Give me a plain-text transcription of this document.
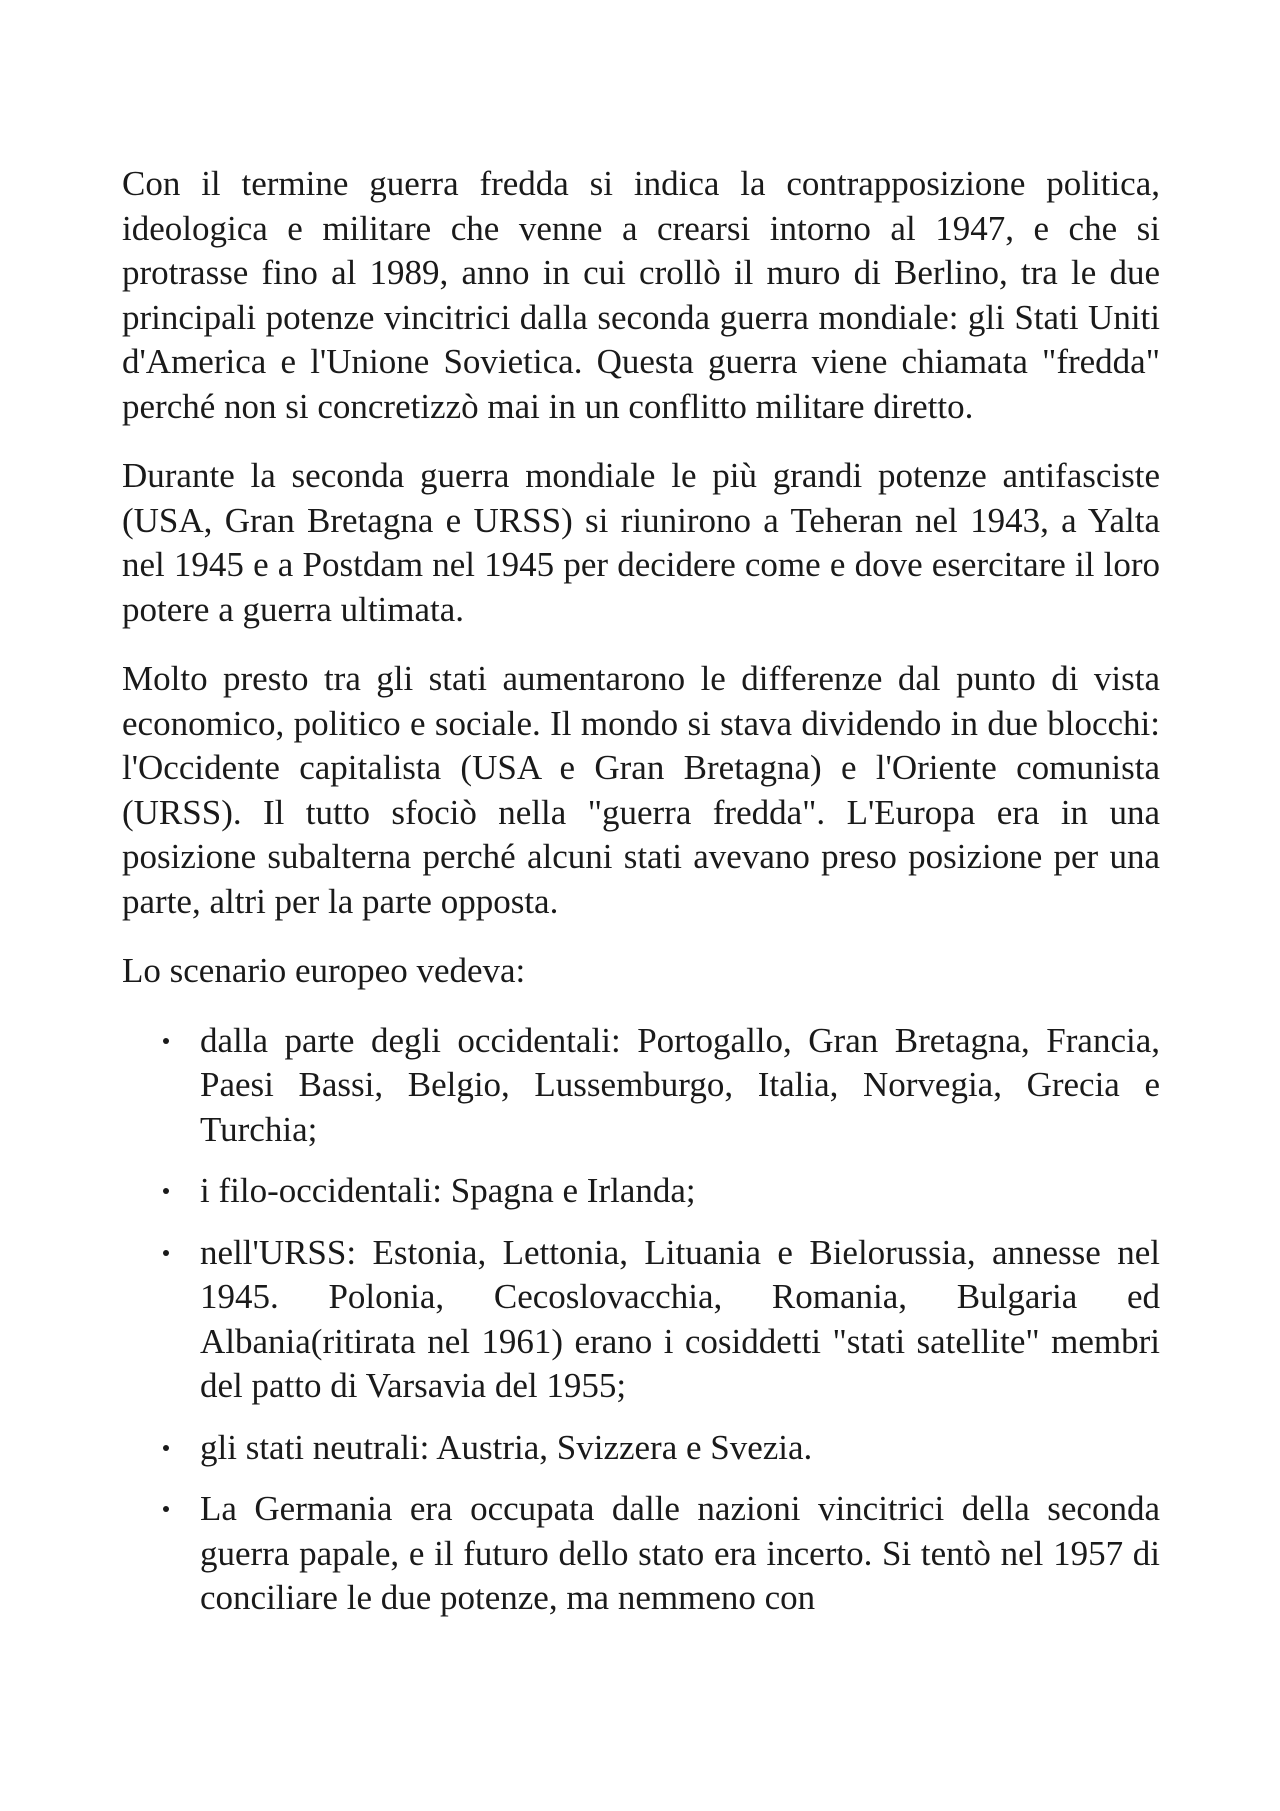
Con il termine guerra fredda si indica la contrapposizione politica, ideologica e militare che venne a crearsi intorno al 1947, e che si protrasse fino al 1989, anno in cui crollò il muro di Berlino, tra le due principali potenze vincitrici dalla seconda guerra mondiale: gli Stati Uniti d'America e l'Unione Sovietica. Questa guerra viene chiamata "fredda" perché non si concretizzò mai in un conflitto militare diretto.

Durante la seconda guerra mondiale le più grandi potenze antifasciste (USA, Gran Bretagna e URSS) si riunirono a Teheran nel 1943, a Yalta nel 1945 e a Postdam nel 1945 per decidere come e dove esercitare il loro potere a guerra ultimata.

Molto presto tra gli stati aumentarono le differenze dal punto di vista economico, politico e sociale. Il mondo si stava dividendo in due blocchi: l'Occidente capitalista (USA e Gran Bretagna) e l'Oriente comunista (URSS). Il tutto sfociò nella "guerra fredda". L'Europa era in una posizione subalterna perché alcuni stati avevano preso posizione per una parte, altri per la parte opposta.

Lo scenario europeo vedeva:

dalla parte degli occidentali: Portogallo, Gran Bretagna, Francia, Paesi Bassi, Belgio, Lussemburgo, Italia, Norvegia, Grecia e Turchia;
i filo-occidentali: Spagna e Irlanda;
nell'URSS: Estonia, Lettonia, Lituania e Bielorussia, annesse nel 1945. Polonia, Cecoslovacchia, Romania, Bulgaria ed Albania(ritirata nel 1961) erano i cosiddetti "stati satellite" membri del patto di Varsavia del 1955;
gli stati neutrali: Austria, Svizzera e Svezia.
La Germania era occupata dalle nazioni vincitrici della seconda guerra papale, e il futuro dello stato era incerto. Si tentò nel 1957 di conciliare le due potenze, ma nemmeno con
